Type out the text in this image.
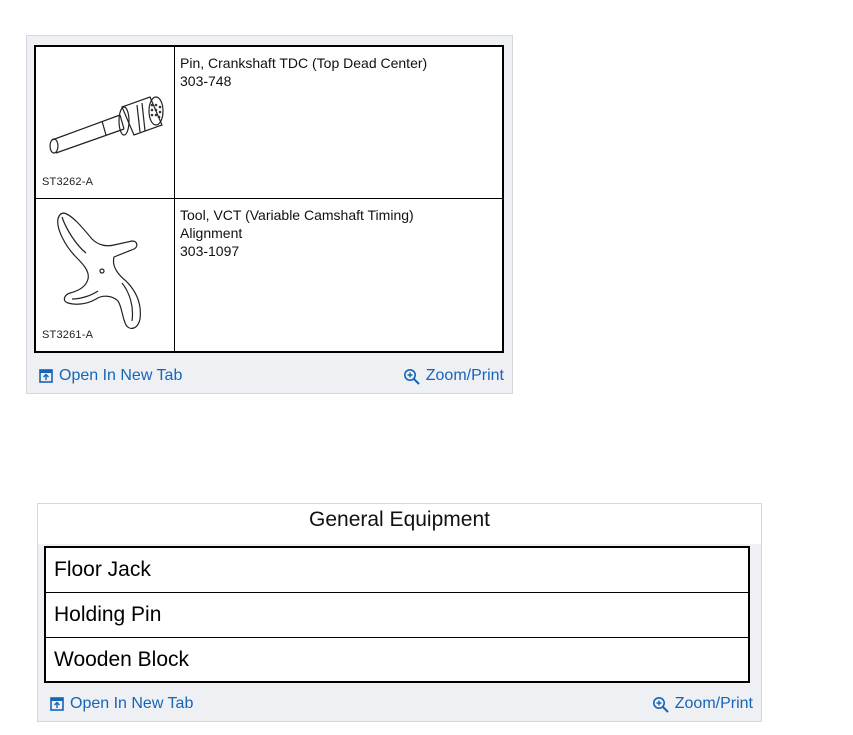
ST3262-A
Pin, Crankshaft TDC (Top Dead Center)
303-748
ST3261-A
Tool, VCT (Variable Camshaft Timing)
Alignment
303-1097
Open In New Tab	Zoom/Print
General Equipment
Floor Jack
Holding Pin
Wooden Block
Open In New Tab	Zoom/Print
